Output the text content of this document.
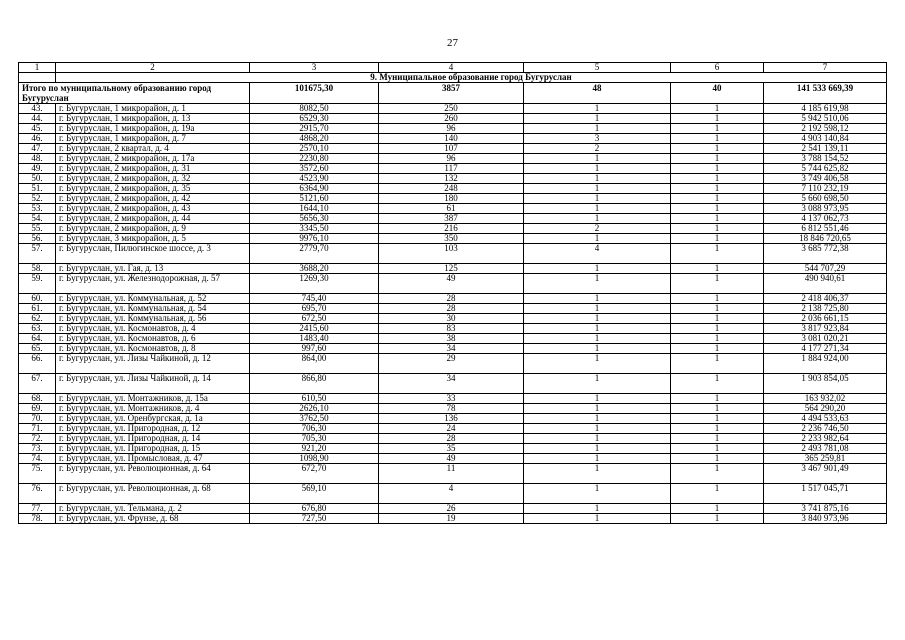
27
1	2	3	4	5	6	7
	9. Муниципальное образование город Бугуруслан					
Итого по муниципальному образованию город Бугуруслан		101675,30	3857	48	40	141 533 669,39
43.	г. Бугуруслан, 1 микрорайон, д. 1	8082,50	250	1	1	4 185 619,98
44.	г. Бугуруслан, 1 микрорайон, д. 13	6529,30	260	1	1	5 942 510,06
45.	г. Бугуруслан, 1 микрорайон, д. 19а	2915,70	96	1	1	2 192 598,12
46.	г. Бугуруслан, 1 микрорайон, д. 7	4868,20	140	3	1	4 903 140,84
47.	г. Бугуруслан, 2 квартал, д. 4	2570,10	107	2	1	2 541 139,11
48.	г. Бугуруслан, 2 микрорайон, д. 17а	2230,80	96	1	1	3 788 154,52
49.	г. Бугуруслан, 2 микрорайон, д. 31	3572,60	117	1	1	5 744 625,82
50.	г. Бугуруслан, 2 микрорайон, д. 32	4523,90	132	1	1	3 749 406,58
51.	г. Бугуруслан, 2 микрорайон, д. 35	6364,90	248	1	1	7 110 232,19
52.	г. Бугуруслан, 2 микрорайон, д. 42	5121,60	180	1	1	5 660 698,50
53.	г. Бугуруслан, 2 микрорайон, д. 43	1644,10	61	1	1	3 088 973,95
54.	г. Бугуруслан, 2 микрорайон, д. 44	5656,30	387	1	1	4 137 062,73
55.	г. Бугуруслан, 2 микрорайон, д. 9	3345,50	216	2	1	6 812 551,46
56.	г. Бугуруслан, 3 микрорайон, д. 5	9976,10	350	1	1	18 846 720,65
57.	г. Бугуруслан, Пилюгинское шоссе, д. 3	2779,70	103	4	1	3 685 772,38
58.	г. Бугуруслан, ул. Гая, д. 13	3688,20	125	1	1	544 707,29
59.	г. Бугуруслан, ул. Железнодорожная, д. 57	1269,30	49	1	1	490 940,61
60.	г. Бугуруслан, ул. Коммунальная, д. 52	745,40	28	1	1	2 418 406,37
61.	г. Бугуруслан, ул. Коммунальная, д. 54	695,70	28	1	1	2 138 725,80
62.	г. Бугуруслан, ул. Коммунальная, д. 56	672,50	30	1	1	2 036 661,15
63.	г. Бугуруслан, ул. Космонавтов, д. 4	2415,60	83	1	1	3 817 923,84
64.	г. Бугуруслан, ул. Космонавтов, д. 6	1483,40	38	1	1	3 081 020,21
65.	г. Бугуруслан, ул. Космонавтов, д. 8	997,60	34	1	1	4 177 271,34
66.	г. Бугуруслан, ул. Лизы Чайкиной, д. 12	864,00	29	1	1	1 884 924,00
67.	г. Бугуруслан, ул. Лизы Чайкиной, д. 14	866,80	34	1	1	1 903 854,05
68.	г. Бугуруслан, ул. Монтажников, д. 15а	610,50	33	1	1	163 932,02
69.	г. Бугуруслан, ул. Монтажников, д. 4	2626,10	78	1	1	564 290,20
70.	г. Бугуруслан, ул. Оренбургская, д. 1а	3762,50	136	1	1	4 494 533,63
71.	г. Бугуруслан, ул. Пригородная, д. 12	706,30	24	1	1	2 236 746,50
72.	г. Бугуруслан, ул. Пригородная, д. 14	705,30	28	1	1	2 233 982,64
73.	г. Бугуруслан, ул. Пригородная, д. 15	921,20	35	1	1	2 493 781,08
74.	г. Бугуруслан, ул. Промысловая, д. 47	1098,90	49	1	1	365 259,81
75.	г. Бугуруслан, ул. Революционная, д. 64	672,70	11	1	1	3 467 901,49
76.	г. Бугуруслан, ул. Революционная, д. 68	569,10	4	1	1	1 517 045,71
77.	г. Бугуруслан, ул. Тельмана, д. 2	676,80	26	1	1	3 741 875,16
78.	г. Бугуруслан, ул. Фрунзе, д. 68	727,50	19	1	1	3 840 973,96
